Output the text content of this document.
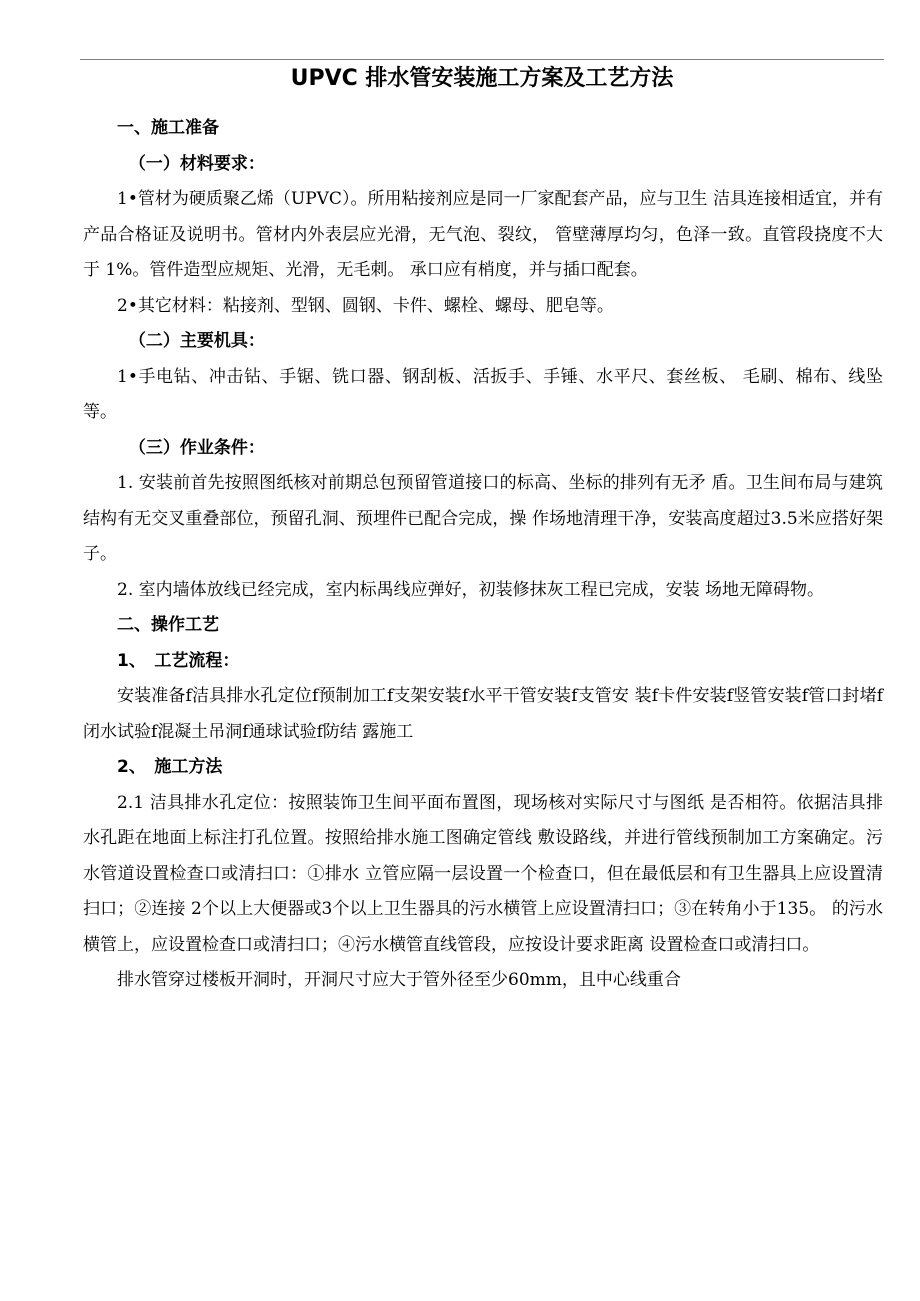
UPVC 排水管安装施工方案及工艺方法

一、施工准备

（一）材料要求：

1•管材为硬质聚乙烯（UPVC）。所用粘接剂应是同一厂家配套产品，应与卫生 洁具连接相适宜，并有产品合格证及说明书。管材内外表层应光滑，无气泡、裂纹， 管壁薄厚均匀，色泽一致。直管段挠度不大于 1%。管件造型应规矩、光滑，无毛刺。 承口应有梢度，并与插口配套。

2•其它材料：粘接剂、型钢、圆钢、卡件、螺栓、螺母、肥皂等。

（二）主要机具：

1•手电钻、冲击钻、手锯、铣口器、钢刮板、活扳手、手锤、水平尺、套丝板、 毛刷、棉布、线坠等。

（三）作业条件：

1. 安装前首先按照图纸核对前期总包预留管道接口的标高、坐标的排列有无矛 盾。卫生间布局与建筑结构有无交叉重叠部位，预留孔洞、预埋件已配合完成，操 作场地清理干净，安装高度超过3.5米应搭好架子。

2. 室内墙体放线已经完成，室内标禺线应弹好，初装修抹灰工程已完成，安装 场地无障碍物。

二、操作工艺

1、　工艺流程：

安装准备f洁具排水孔定位f预制加工f支架安装f水平干管安装f支管安 装f卡件安装f竖管安装f管口封堵f闭水试验f混凝土吊洞f通球试验f防结 露施工

2、　施工方法

2.1 洁具排水孔定位：按照装饰卫生间平面布置图，现场核对实际尺寸与图纸 是否相符。依据洁具排水孔距在地面上标注打孔位置。按照给排水施工图确定管线 敷设路线，并进行管线预制加工方案确定。污水管道设置检查口或清扫口：①排水 立管应隔一层设置一个检查口，但在最低层和有卫生器具上应设置清扫口；②连接 2个以上大便器或3个以上卫生器具的污水横管上应设置清扫口；③在转角小于135。 的污水横管上，应设置检查口或清扫口；④污水横管直线管段，应按设计要求距离 设置检查口或清扫口。

排水管穿过楼板开洞时，开洞尺寸应大于管外径至少60mm，且中心线重合
